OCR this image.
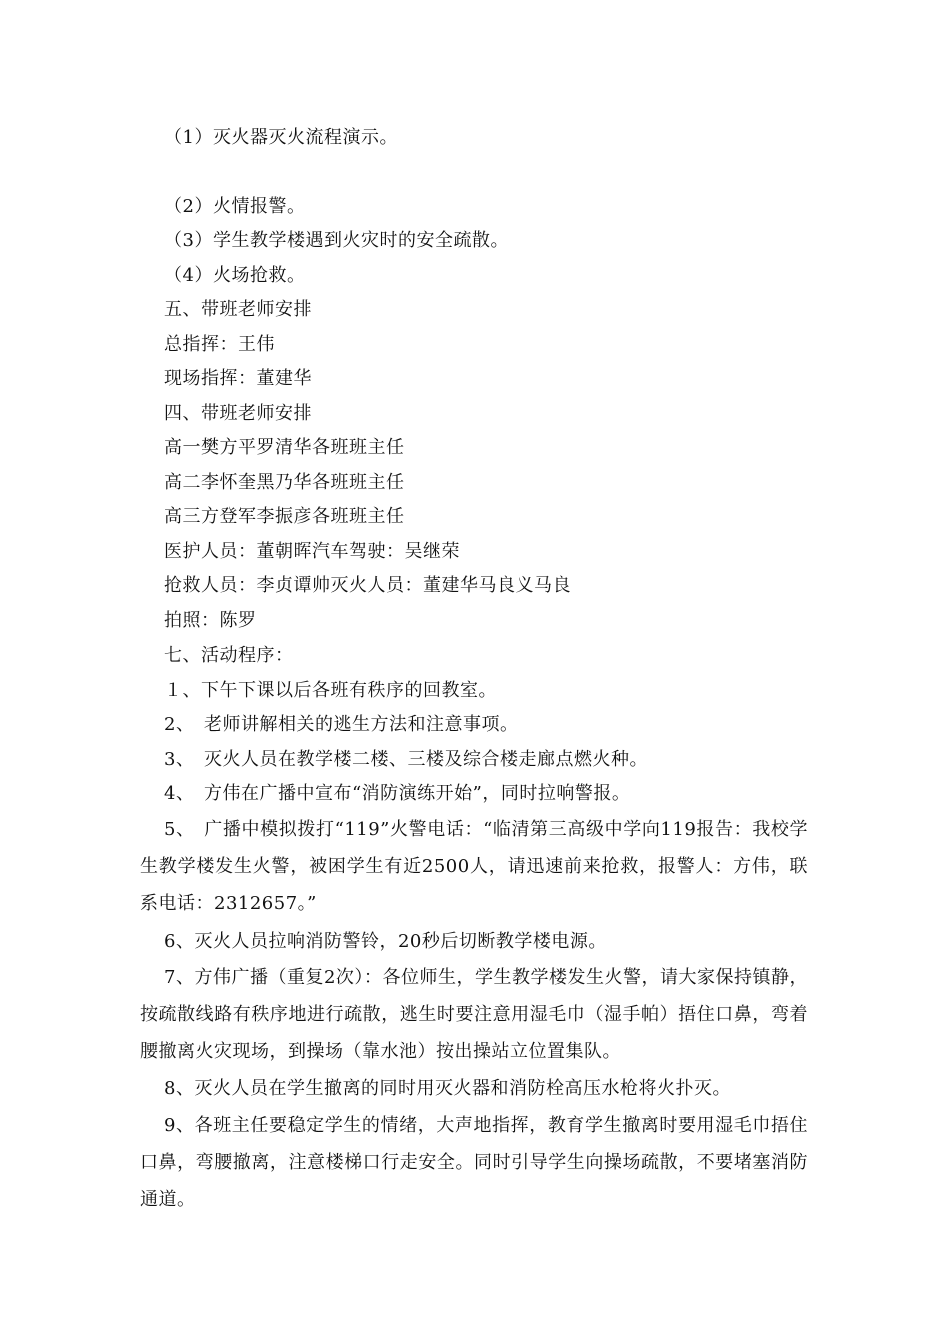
（1）灭火器灭火流程演示。
（2）火情报警。
（3）学生教学楼遇到火灾时的安全疏散。
（4）火场抢救。
五、带班老师安排
总指挥：王伟
现场指挥：董建华
四、带班老师安排
高一樊方平罗清华各班班主任
高二李怀奎黑乃华各班班主任
高三方登军李振彦各班班主任
医护人员：董朝晖汽车驾驶：吴继荣
抢救人员：李贞谭帅灭火人员：董建华马良义马良
拍照：陈罗
七、活动程序：
１、下午下课以后各班有秩序的回教室。
2、　老师讲解相关的逃生方法和注意事项。
3、　灭火人员在教学楼二楼、三楼及综合楼走廊点燃火种。
4、　方伟在广播中宣布“消防演练开始”，同时拉响警报。
5、　广播中模拟拨打“119”火警电话：“临清第三高级中学向119报告：我校学生教学楼发生火警，被困学生有近2500人，请迅速前来抢救，报警人：方伟，联系电话：2312657。”
6、灭火人员拉响消防警铃，20秒后切断教学楼电源。
7、方伟广播（重复2次）：各位师生，学生教学楼发生火警，请大家保持镇静，按疏散线路有秩序地进行疏散，逃生时要注意用湿毛巾（湿手帕）捂住口鼻，弯着腰撤离火灾现场，到操场（靠水池）按出操站立位置集队。
8、灭火人员在学生撤离的同时用灭火器和消防栓高压水枪将火扑灭。
9、各班主任要稳定学生的情绪，大声地指挥，教育学生撤离时要用湿毛巾捂住口鼻，弯腰撤离，注意楼梯口行走安全。同时引导学生向操场疏散，不要堵塞消防通道。
